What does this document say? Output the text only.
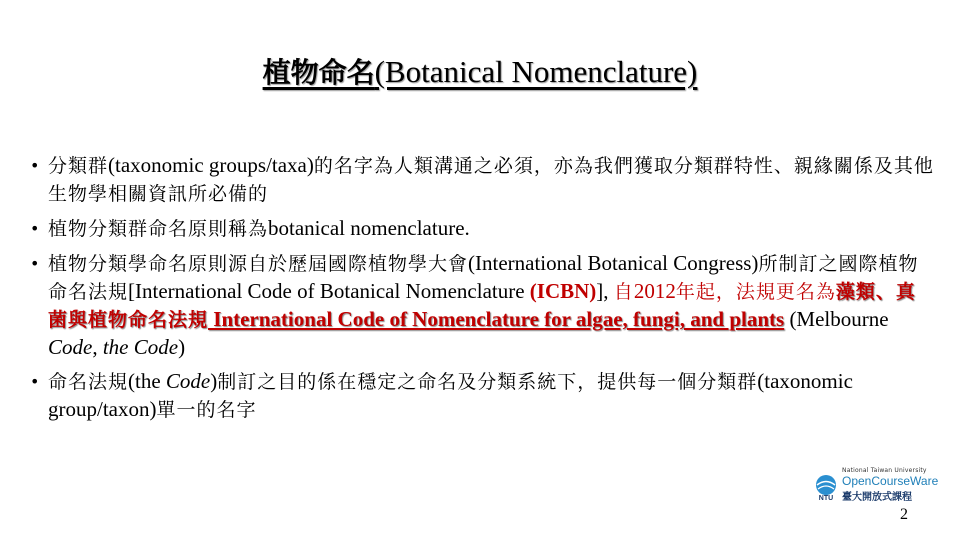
植物命名(Botanical Nomenclature)
• 分類群(taxonomic groups/taxa)的名字為人類溝通之必須，亦為我們獲取分類群特性、親緣關係及其他生物學相關資訊所必備的
• 植物分類群命名原則稱為botanical nomenclature.
• 植物分類學命名原則源自於歷屆國際植物學大會(International Botanical Congress)所制訂之國際植物命名法規[International Code of Botanical Nomenclature (ICBN)], 自2012年起，法規更名為藻類、真菌與植物命名法規 International Code of Nomenclature for algae, fungi, and plants (Melbourne Code, the Code)
• 命名法規(the Code)制訂之目的係在穩定之命名及分類系統下，提供每一個分類群(taxonomic group/taxon)單一的名字
NTU
National Taiwan University
OpenCourseWare
臺大開放式課程
2
